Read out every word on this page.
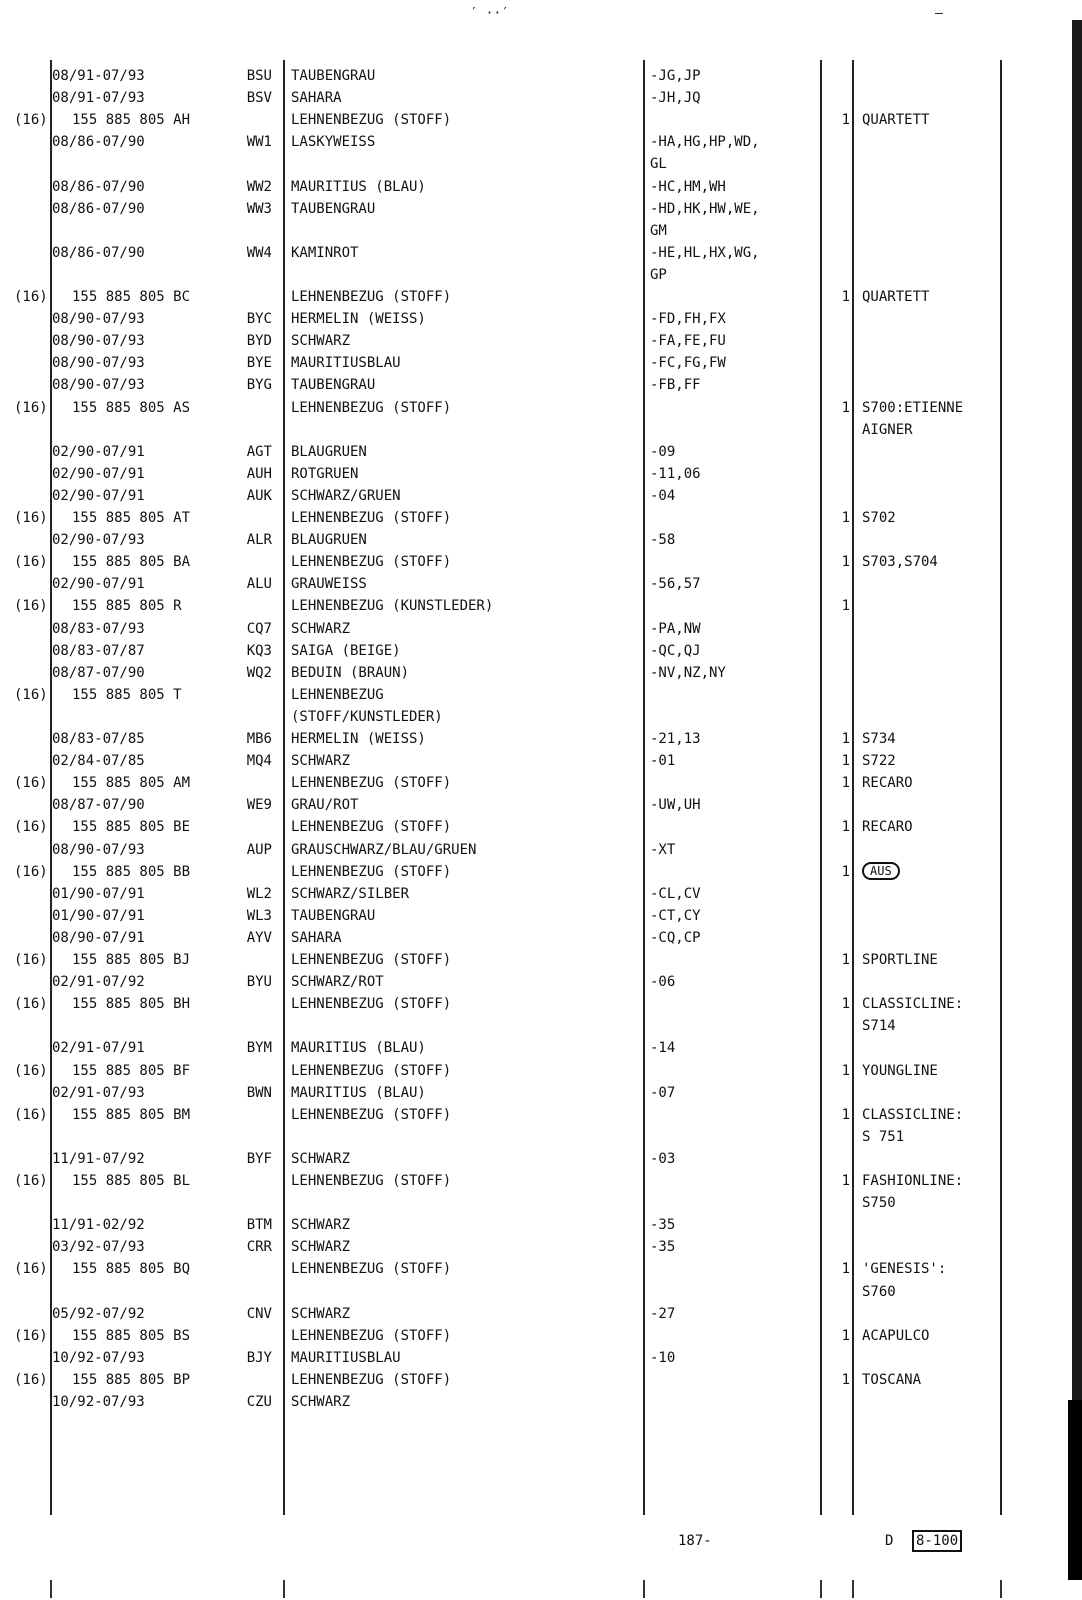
′ ··′	—
08/91-07/93	BSU TAUBENGRAU	-JG,JP
08/91-07/93	BSV SAHARA	-JH,JQ
(16) 155 885 805 AH	LEHNENBEZUG (STOFF)	1 QUARTETT
08/86-07/90	WW1 LASKYWEISS	-HA,HG,HP,WD,
GL
08/86-07/90	WW2 MAURITIUS (BLAU)	-HC,HM,WH
08/86-07/90	WW3 TAUBENGRAU	-HD,HK,HW,WE,
GM
08/86-07/90	WW4 KAMINROT	-HE,HL,HX,WG,
GP
(16) 155 885 805 BC	LEHNENBEZUG (STOFF)	1 QUARTETT
08/90-07/93	BYC HERMELIN (WEISS)	-FD,FH,FX
08/90-07/93	BYD SCHWARZ	-FA,FE,FU
08/90-07/93	BYE MAURITIUSBLAU	-FC,FG,FW
08/90-07/93	BYG TAUBENGRAU	-FB,FF
(16) 155 885 805 AS	LEHNENBEZUG (STOFF)	1 S700:ETIENNE
AIGNER
02/90-07/91	AGT BLAUGRUEN	-09
02/90-07/91	AUH ROTGRUEN	-11,06
02/90-07/91	AUK SCHWARZ/GRUEN	-04
(16) 155 885 805 AT	LEHNENBEZUG (STOFF)	1 S702
02/90-07/93	ALR BLAUGRUEN	-58
(16) 155 885 805 BA	LEHNENBEZUG (STOFF)	1 S703,S704
02/90-07/91	ALU GRAUWEISS	-56,57
(16) 155 885 805 R	LEHNENBEZUG (KUNSTLEDER)	1
08/83-07/93	CQ7 SCHWARZ	-PA,NW
08/83-07/87	KQ3 SAIGA (BEIGE)	-QC,QJ
08/87-07/90	WQ2 BEDUIN (BRAUN)	-NV,NZ,NY
(16) 155 885 805 T	LEHNENBEZUG
(STOFF/KUNSTLEDER)
08/83-07/85	MB6 HERMELIN (WEISS)	-21,13	1 S734
02/84-07/85	MQ4 SCHWARZ	-01	1 S722
(16) 155 885 805 AM	LEHNENBEZUG (STOFF)	1 RECARO
08/87-07/90	WE9 GRAU/ROT	-UW,UH
(16) 155 885 805 BE	LEHNENBEZUG (STOFF)	1 RECARO
08/90-07/93	AUP GRAUSCHWARZ/BLAU/GRUEN	-XT
(16) 155 885 805 BB	LEHNENBEZUG (STOFF)	1	AUS
01/90-07/91	WL2 SCHWARZ/SILBER	-CL,CV
01/90-07/91	WL3 TAUBENGRAU	-CT,CY
08/90-07/91	AYV SAHARA	-CQ,CP
(16) 155 885 805 BJ	LEHNENBEZUG (STOFF)	1 SPORTLINE
02/91-07/92	BYU SCHWARZ/ROT	-06
(16) 155 885 805 BH	LEHNENBEZUG (STOFF)	1 CLASSICLINE:
S714
02/91-07/91	BYM MAURITIUS (BLAU)	-14
(16) 155 885 805 BF	LEHNENBEZUG (STOFF)	1 YOUNGLINE
02/91-07/93	BWN MAURITIUS (BLAU)	-07
(16) 155 885 805 BM	LEHNENBEZUG (STOFF)	1 CLASSICLINE:
S 751
11/91-07/92	BYF SCHWARZ	-03
(16) 155 885 805 BL	LEHNENBEZUG (STOFF)	1 FASHIONLINE:
S750
11/91-02/92	BTM SCHWARZ	-35
03/92-07/93	CRR SCHWARZ	-35
(16) 155 885 805 BQ	LEHNENBEZUG (STOFF)	1 'GENESIS':
S760
05/92-07/92	CNV SCHWARZ	-27
(16) 155 885 805 BS	LEHNENBEZUG (STOFF)	1 ACAPULCO
10/92-07/93	BJY MAURITIUSBLAU	-10
(16) 155 885 805 BP	LEHNENBEZUG (STOFF)	1 TOSCANA
10/92-07/93	CZU SCHWARZ
187-	D 8-100
